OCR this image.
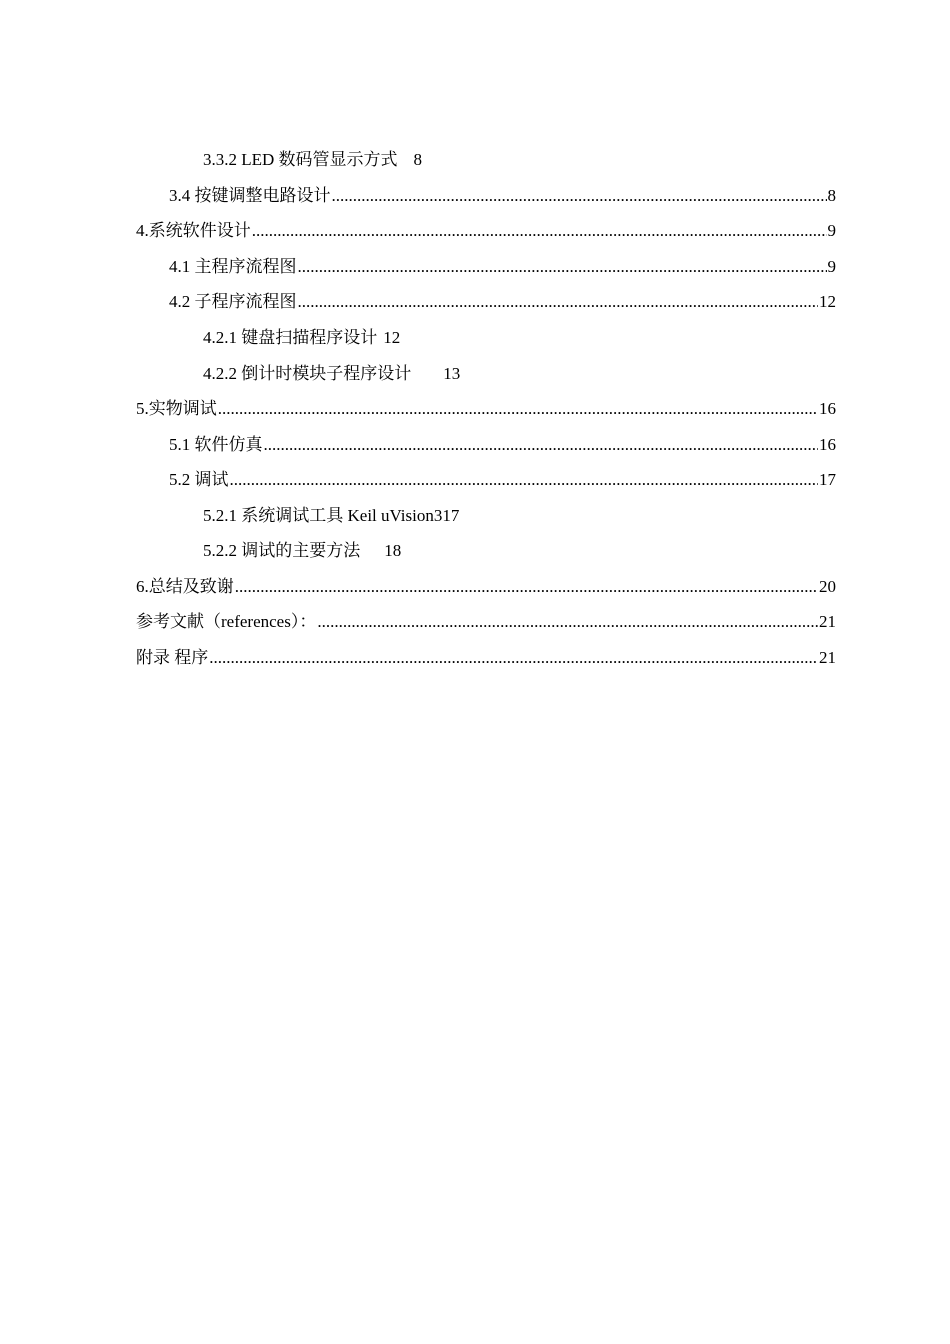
3.3.2 LED 数码管显示方式 8
3.4 按键调整电路设计 .....	8
4.系统软件设计 .....	9
4.1 主程序流程图 .....	9
4.2 子程序流程图 .....	12
4.2.1 键盘扫描程序设计 12
4.2.2 倒计时模块子程序设计 13
5.实物调试 .....	16
5.1 软件仿真 .....	16
5.2 调试 .....	17
5.2.1 系统调试工具 Keil uVision3 17
5.2.2 调试的主要方法 18
6.总结及致谢 .....	20
参考文献（references）： .....	21
附录 程序 .....	21
